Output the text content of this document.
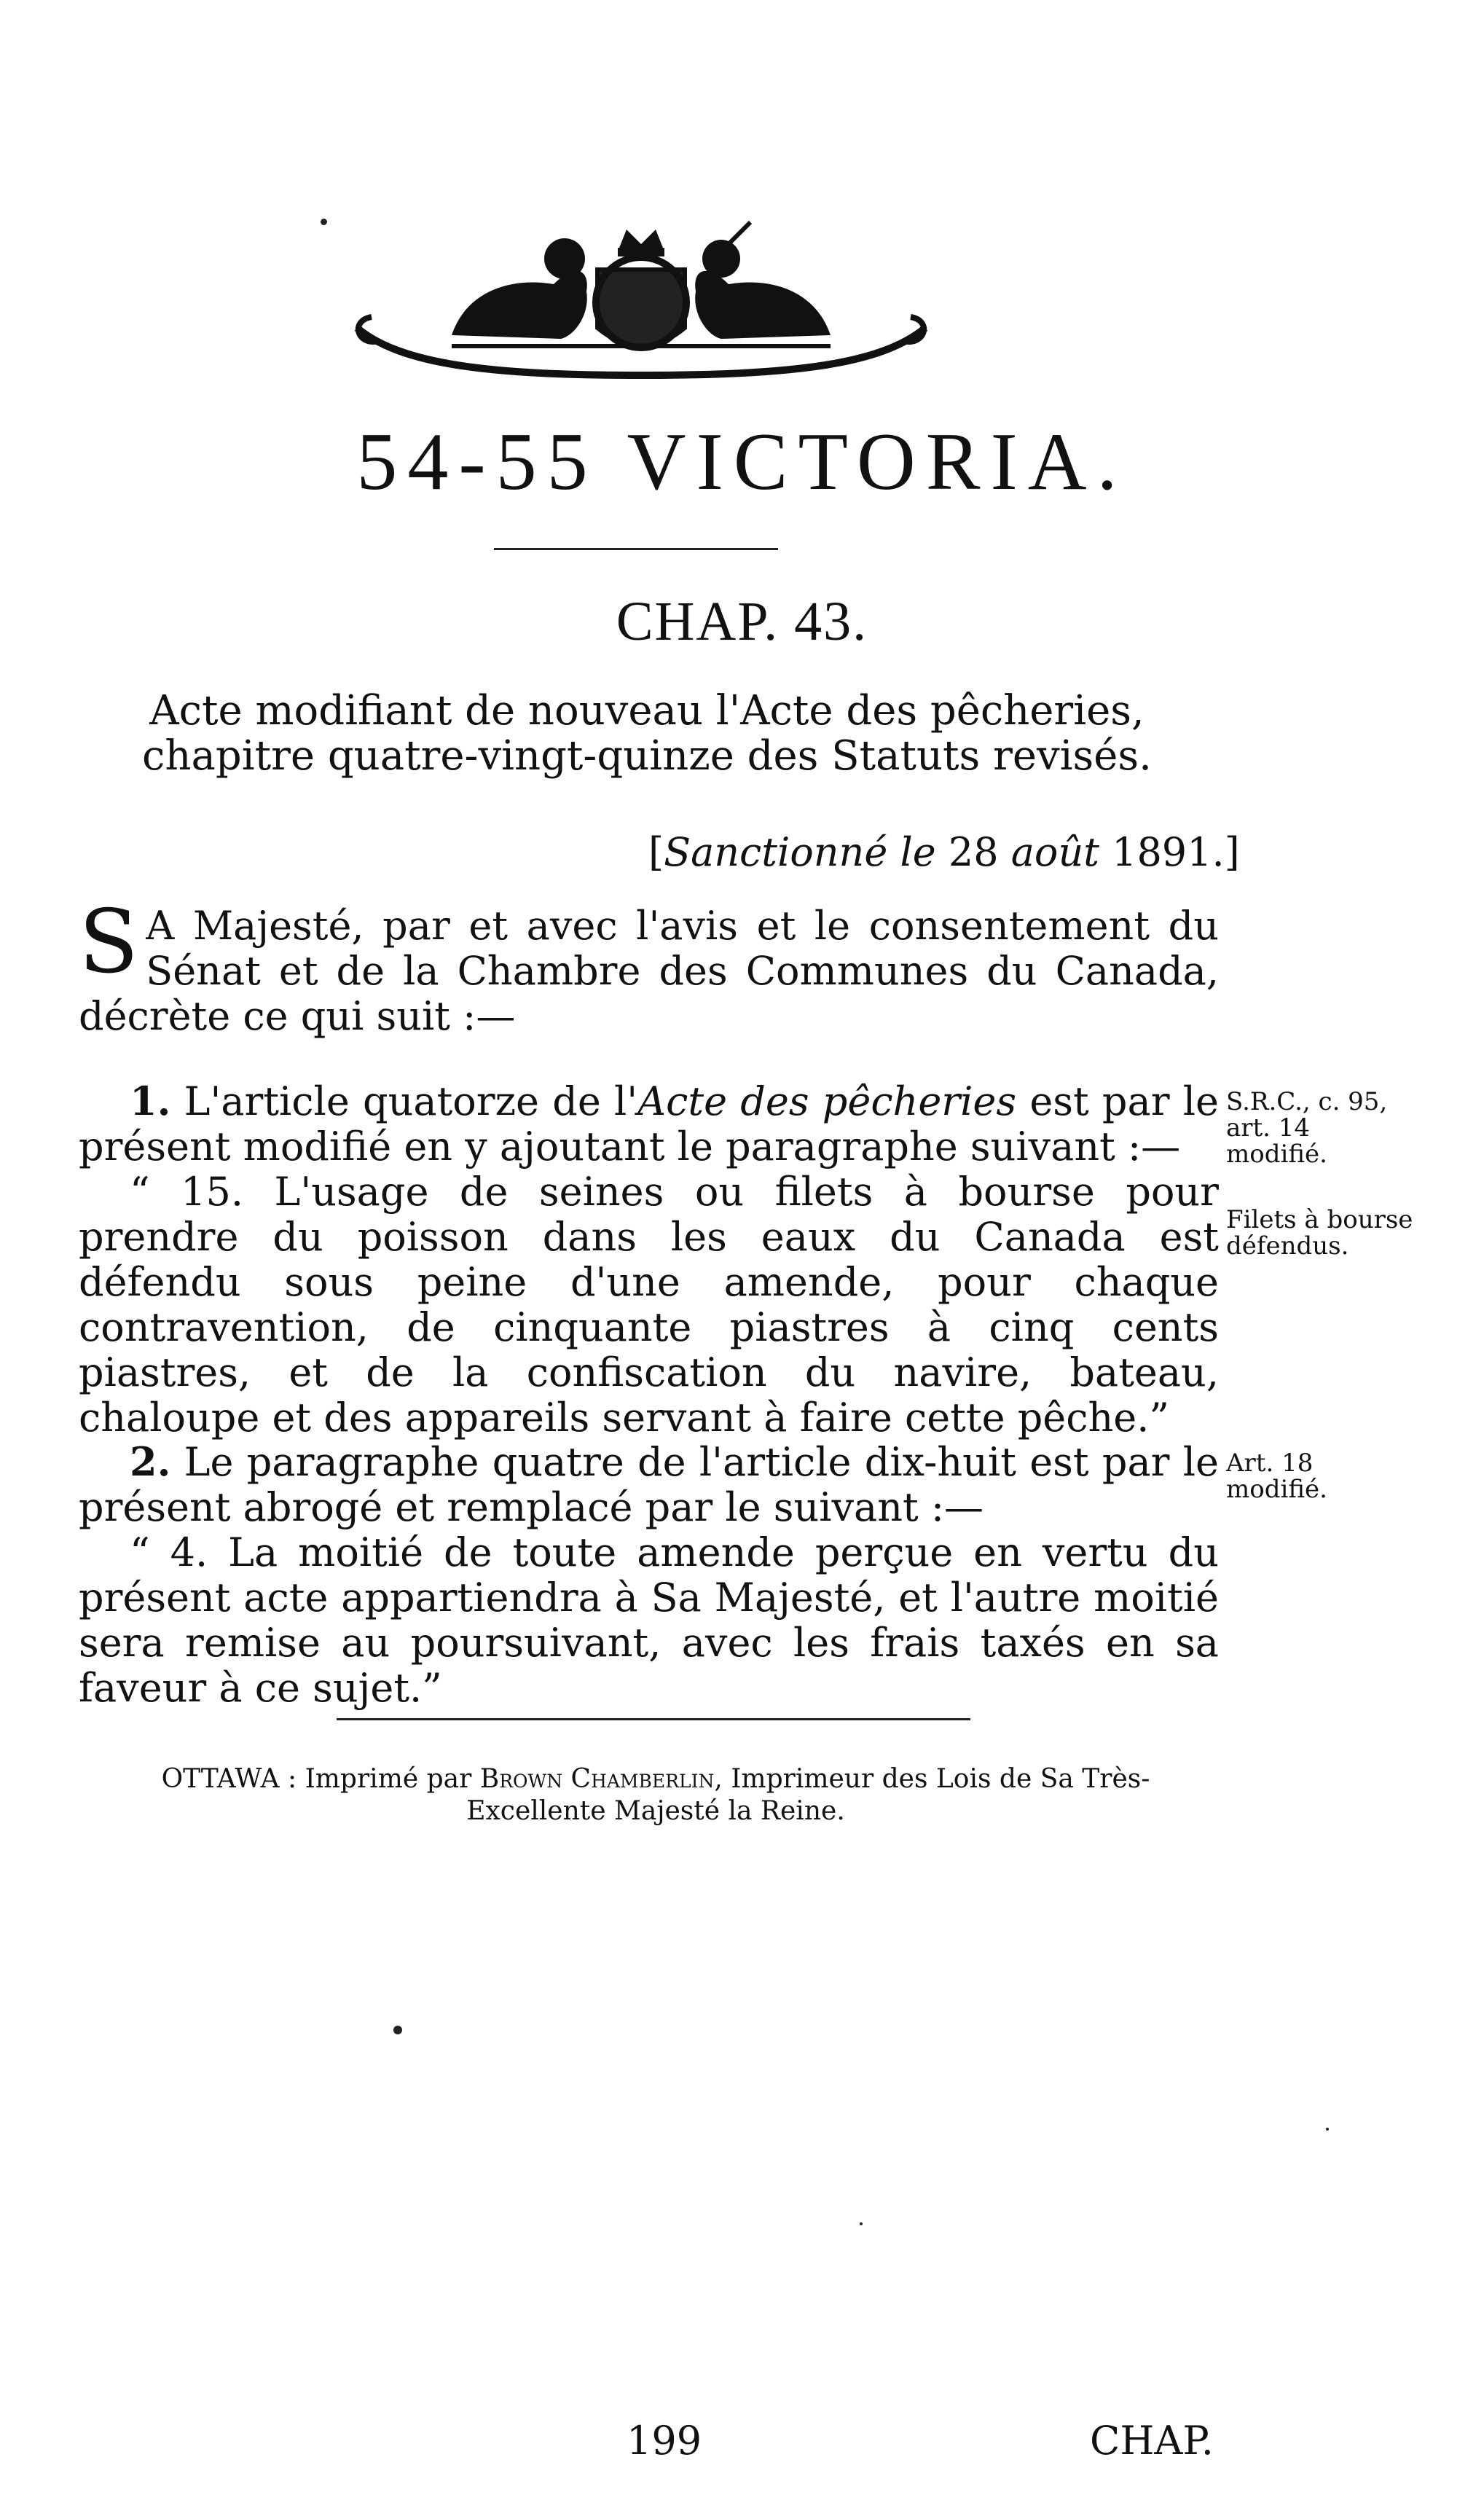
54-55 VICTORIA.
CHAP. 43.
Acte modifiant de nouveau l'Acte des pêcheries, chapitre quatre-vingt-quinze des Statuts revisés.
[Sanctionné le 28 août 1891.]
S A Majesté, par et avec l'avis et le consentement du Sénat et de la Chambre des Communes du Canada, décrète ce qui suit :—

1. L'article quatorze de l'Acte des pêcheries est par le présent modifié en y ajoutant le paragraphe suivant :—

“ 15. L'usage de seines ou filets à bourse pour prendre du poisson dans les eaux du Canada est défendu sous peine d'une amende, pour chaque contravention, de cinquante piastres à cinq cents piastres, et de la confiscation du navire, bateau, chaloupe et des appareils servant à faire cette pêche.”

S.R.C., c. 95, art. 14 modifié.
Filets à bourse défendus.

2. Le paragraphe quatre de l'article dix-huit est par le présent abrogé et remplacé par le suivant :—

“ 4. La moitié de toute amende perçue en vertu du présent acte appartiendra à Sa Majesté, et l'autre moitié sera remise au poursuivant, avec les frais taxés en sa faveur à ce sujet.”

Art. 18 modifié.
OTTAWA : Imprimé par Brown Chamberlin, Imprimeur des Lois de Sa Très-Excellente Majesté la Reine.
199	CHAP.
